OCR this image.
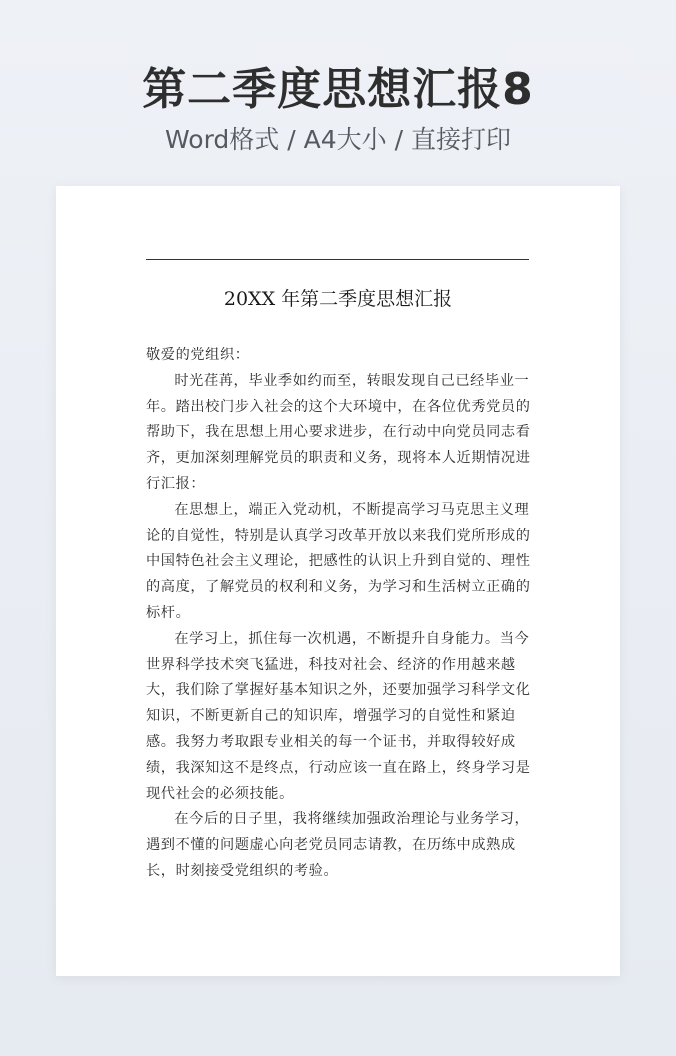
第二季度思想汇报8
Word格式 / A4大小 / 直接打印
20XX 年第二季度思想汇报

敬爱的党组织：

时光荏苒，毕业季如约而至，转眼发现自己已经毕业一年。踏出校门步入社会的这个大环境中，在各位优秀党员的帮助下，我在思想上用心要求进步，在行动中向党员同志看齐，更加深刻理解党员的职责和义务，现将本人近期情况进行汇报：

在思想上，端正入党动机，不断提高学习马克思主义理论的自觉性，特别是认真学习改革开放以来我们党所形成的中国特色社会主义理论，把感性的认识上升到自觉的、理性的高度，了解党员的权利和义务，为学习和生活树立正确的标杆。

在学习上，抓住每一次机遇，不断提升自身能力。当今世界科学技术突飞猛进，科技对社会、经济的作用越来越大，我们除了掌握好基本知识之外，还要加强学习科学文化知识，不断更新自己的知识库，增强学习的自觉性和紧迫感。我努力考取跟专业相关的每一个证书，并取得较好成绩，我深知这不是终点，行动应该一直在路上，终身学习是现代社会的必须技能。

在今后的日子里，我将继续加强政治理论与业务学习，遇到不懂的问题虚心向老党员同志请教，在历练中成熟成长，时刻接受党组织的考验。
